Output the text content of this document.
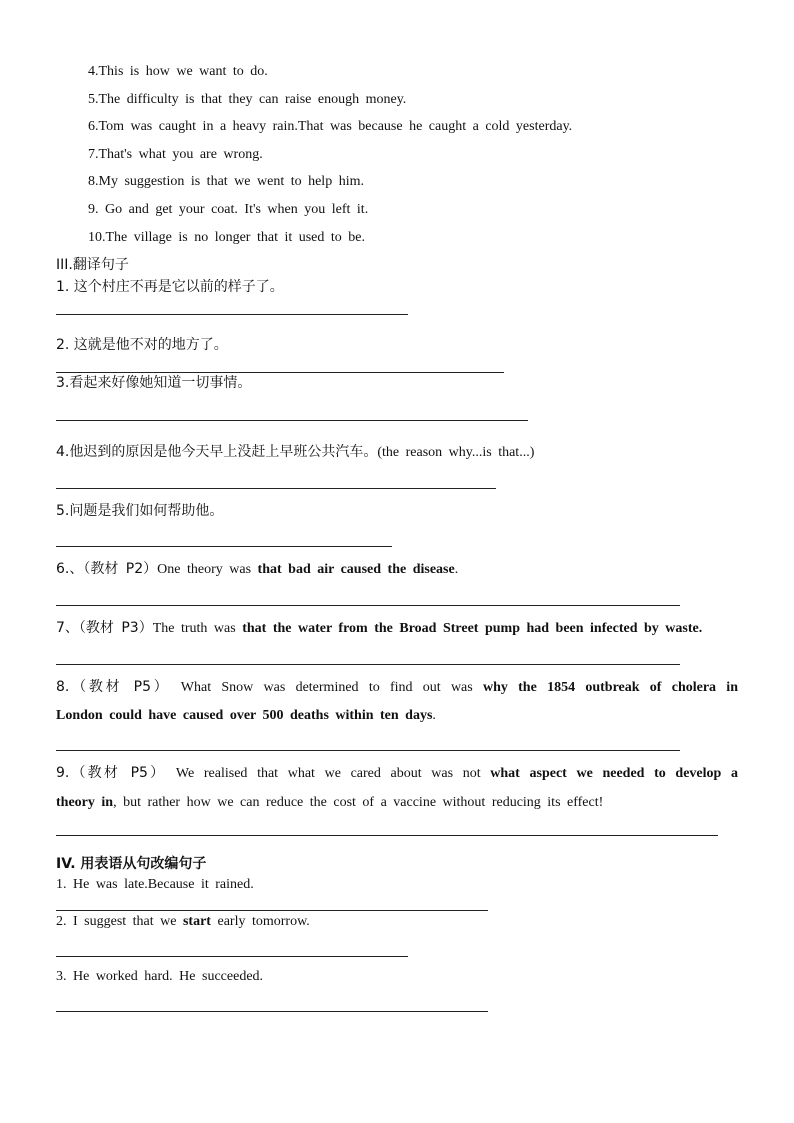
4.This is how we want to do.
5.The difficulty is that they can raise enough money.
6.Tom was caught in a heavy rain.That was because he caught a cold yesterday.
7.That's what you are wrong.
8.My suggestion is that we went to help him.
9. Go and get your coat. It's when you left it.
10.The village is no longer that it used to be.
III.翻译句子
1. 这个村庄不再是它以前的样子了。
2. 这就是他不对的地方了。
3.看起来好像她知道一切事情。
4.他迟到的原因是他今天早上没赶上早班公共汽车。(the reason why...is that...)
5.问题是我们如何帮助他。
6.、（教材 P2）One theory was that bad air caused the disease.
7、（教材 P3）The truth was that the water from the Broad Street pump had been infected by waste.
8.（教材 P5） What Snow was determined to find out was why the 1854 outbreak of cholera in
London could have caused over 500 deaths within ten days.
9.（教材 P5） We realised that what we cared about was not what aspect we needed to develop a
theory in, but rather how we can reduce the cost of a vaccine without reducing its effect!
IV. 用表语从句改编句子
1. He was late.Because it rained.
2. I suggest that we start early tomorrow.
3. He worked hard. He succeeded.
